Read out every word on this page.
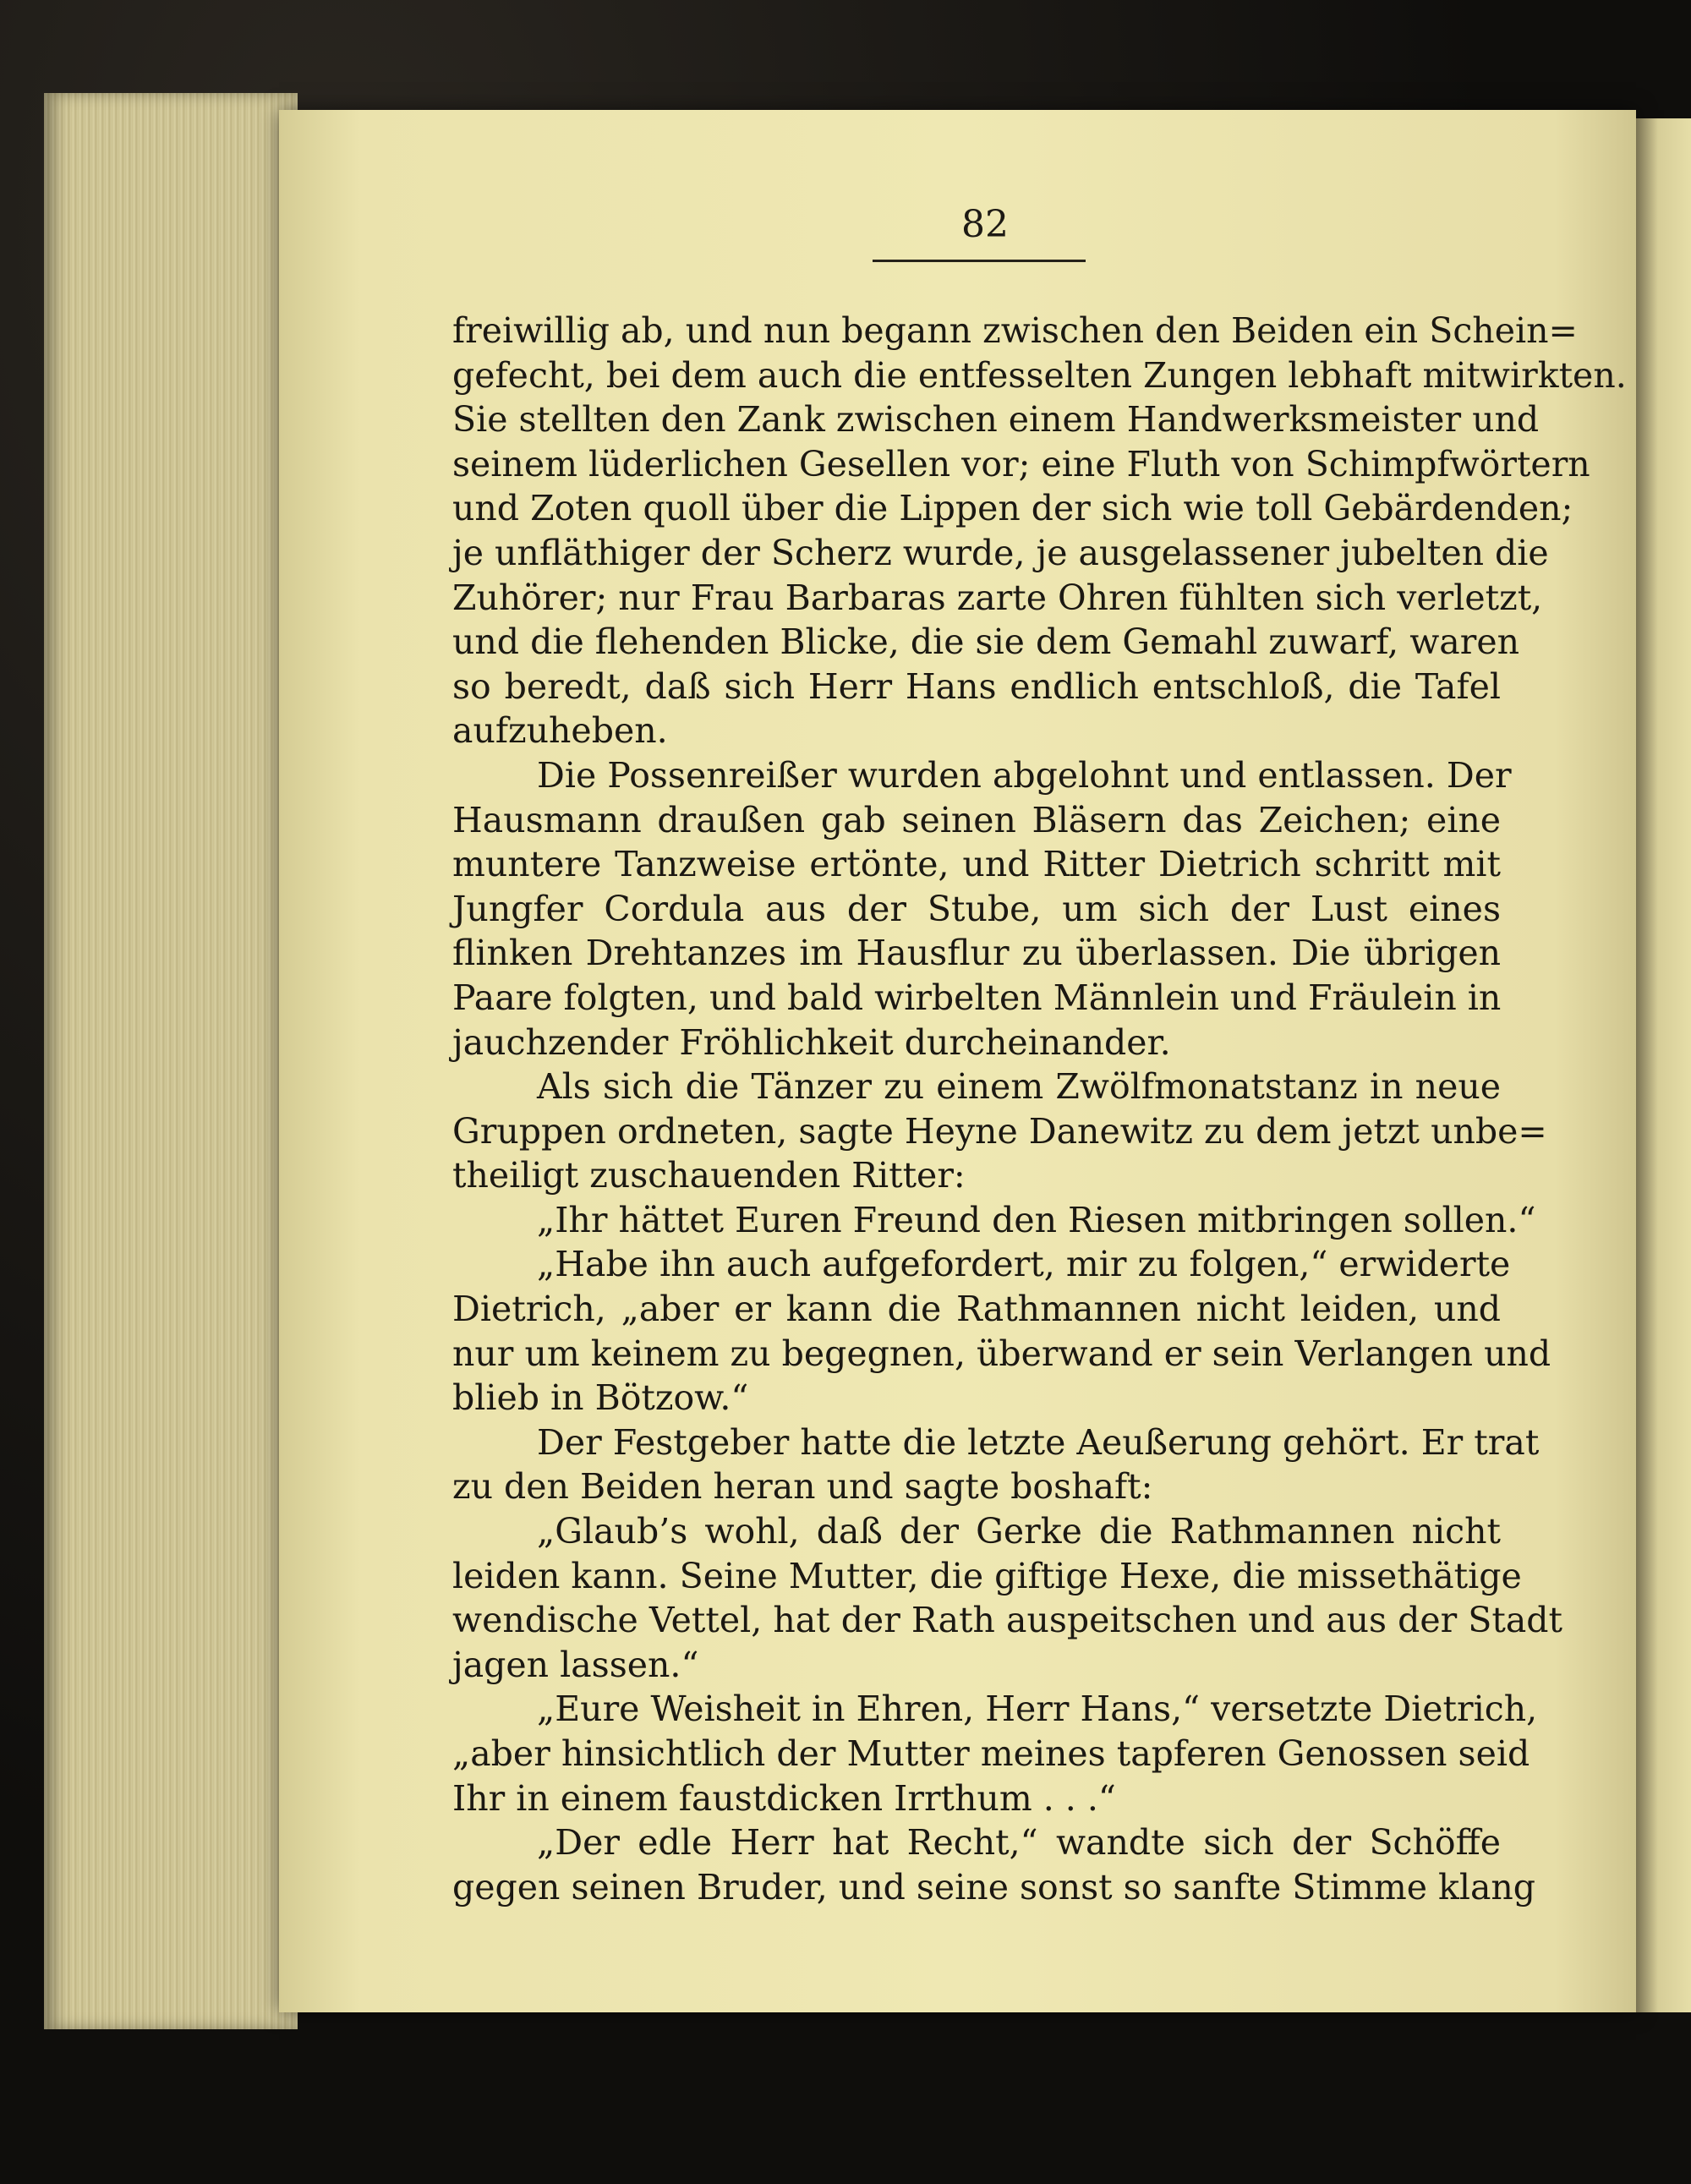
82
freiwillig ab, und nun begann zwischen den Beiden ein Schein=
gefecht, bei dem auch die entfesselten Zungen lebhaft mitwirkten.
Sie stellten den Zank zwischen einem Handwerksmeister und
seinem lüderlichen Gesellen vor; eine Fluth von Schimpfwörtern
und Zoten quoll über die Lippen der sich wie toll Gebärdenden;
je unfläthiger der Scherz wurde, je ausgelassener jubelten die
Zuhörer; nur Frau Barbaras zarte Ohren fühlten sich verletzt,
und die flehenden Blicke, die sie dem Gemahl zuwarf, waren
so beredt, daß sich Herr Hans endlich entschloß, die Tafel
aufzuheben.
Die Possenreißer wurden abgelohnt und entlassen. Der
Hausmann draußen gab seinen Bläsern das Zeichen; eine
muntere Tanzweise ertönte, und Ritter Dietrich schritt mit
Jungfer Cordula aus der Stube, um sich der Lust eines
flinken Drehtanzes im Hausflur zu überlassen. Die übrigen
Paare folgten, und bald wirbelten Männlein und Fräulein in
jauchzender Fröhlichkeit durcheinander.
Als sich die Tänzer zu einem Zwölfmonatstanz in neue
Gruppen ordneten, sagte Heyne Danewitz zu dem jetzt unbe=
theiligt zuschauenden Ritter:
„Ihr hättet Euren Freund den Riesen mitbringen sollen.“
„Habe ihn auch aufgefordert, mir zu folgen,“ erwiderte
Dietrich, „aber er kann die Rathmannen nicht leiden, und
nur um keinem zu begegnen, überwand er sein Verlangen und
blieb in Bötzow.“
Der Festgeber hatte die letzte Aeußerung gehört. Er trat
zu den Beiden heran und sagte boshaft:
„Glaub’s wohl, daß der Gerke die Rathmannen nicht
leiden kann. Seine Mutter, die giftige Hexe, die missethätige
wendische Vettel, hat der Rath auspeitschen und aus der Stadt
jagen lassen.“
„Eure Weisheit in Ehren, Herr Hans,“ versetzte Dietrich,
„aber hinsichtlich der Mutter meines tapferen Genossen seid
Ihr in einem faustdicken Irrthum . . .“
„Der edle Herr hat Recht,“ wandte sich der Schöffe
gegen seinen Bruder, und seine sonst so sanfte Stimme klang
